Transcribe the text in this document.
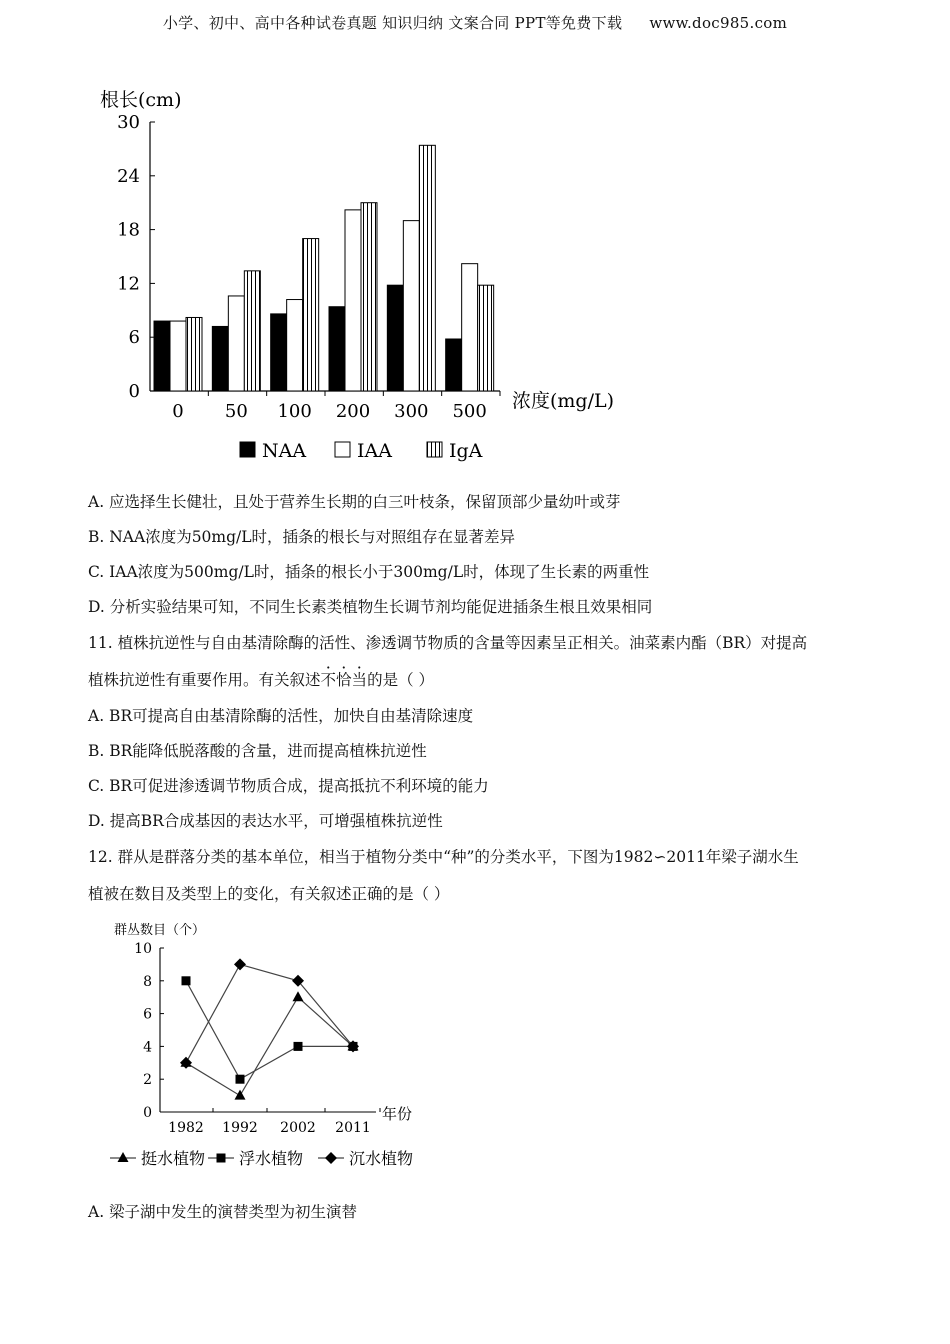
小学、初中、高中各种试卷真题 知识归纳 文案合同 PPT等免费下载 www.doc985.com
根长(cm)
浓度(mg/L)
0
6
12
18
24
30
0 50 100 200 300 500
NAA	IAA	IgA
A. 应选择生长健壮，且处于营养生长期的白三叶枝条，保留顶部少量幼叶或芽
B. NAA浓度为50mg/L时，插条的根长与对照组存在显著差异
C. IAA浓度为500mg/L时，插条的根长小于300mg/L时，体现了生长素的两重性
D. 分析实验结果可知，不同生长素类植物生长调节剂均能促进插条生根且效果相同
11. 植株抗逆性与自由基清除酶的活性、渗透调节物质的含量等因素呈正相关。油菜素内酯（BR）对提高
植株抗逆性有重要作用。有关叙述不恰当的是（ ）
A. BR可提高自由基清除酶的活性，加快自由基清除速度
B. BR能降低脱落酸的含量，进而提高植株抗逆性
C. BR可促进渗透调节物质合成，提高抵抗不利环境的能力
D. 提高BR合成基因的表达水平，可增强植株抗逆性
12. 群从是群落分类的基本单位，相当于植物分类中“种”的分类水平，下图为1982∽2011年梁子湖水生
植被在数目及类型上的变化，有关叙述正确的是（ ）
群丛数目（个）
年份
0
2
4
6
8
10
1982 1992 2002 2011
挺水植物 浮水植物	沉水植物
A. 梁子湖中发生的演替类型为初生演替
